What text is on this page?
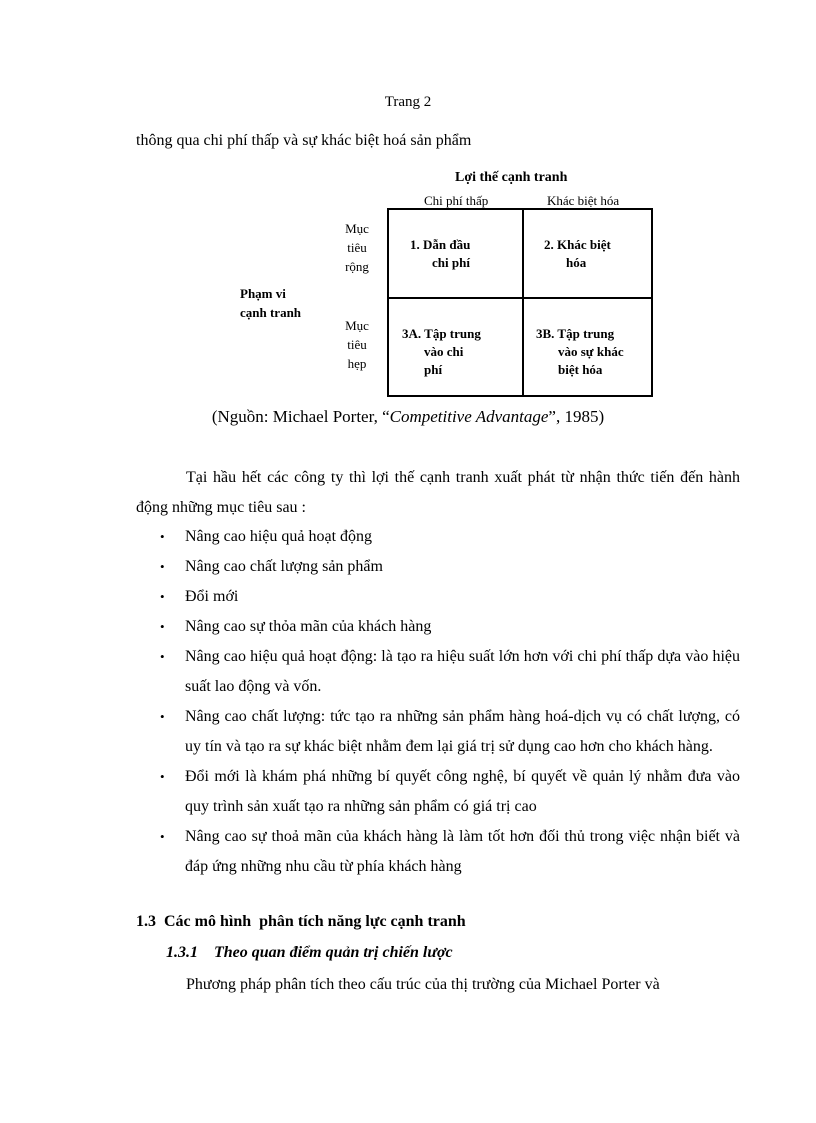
Trang 2
thông qua chi phí thấp và sự khác biệt hoá sản phẩm
Lợi thế cạnh tranh
Chi phí thấp	Khác biệt hóa
Mục
tiêu
rộng
Mục
tiêu
hẹp
Phạm vi
cạnh tranh
1. Dẫn đầu
chi phí
2. Khác biệt
hóa
3A. Tập trung
vào chi
phí
3B. Tập trung
vào sự khác
biệt hóa
(Nguồn: Michael Porter, “Competitive Advantage”, 1985)
Tại hầu hết các công ty thì lợi thế cạnh tranh xuất phát từ nhận thức tiến đến hành động những mục tiêu sau :
• Nâng cao hiệu quả hoạt động
• Nâng cao chất lượng sản phẩm
• Đổi mới
• Nâng cao sự thỏa mãn của khách hàng
• Nâng cao hiệu quả hoạt động: là tạo ra hiệu suất lớn hơn với chi phí thấp dựa vào hiệu suất lao động và vốn.
• Nâng cao chất lượng: tức tạo ra những sản phẩm hàng hoá-dịch vụ có chất lượng, có uy tín và tạo ra sự khác biệt nhằm đem lại giá trị sử dụng cao hơn cho khách hàng.
• Đổi mới là khám phá những bí quyết công nghệ, bí quyết về quản lý nhằm đưa vào quy trình sản xuất tạo ra những sản phẩm có giá trị cao
• Nâng cao sự thoả mãn của khách hàng là làm tốt hơn đối thủ trong việc nhận biết và đáp ứng những nhu cầu từ phía khách hàng
1.3  Các mô hình  phân tích năng lực cạnh tranh
1.3.1    Theo quan điểm quản trị chiến lược
Phương pháp phân tích theo cấu trúc của thị trường của Michael Porter và
